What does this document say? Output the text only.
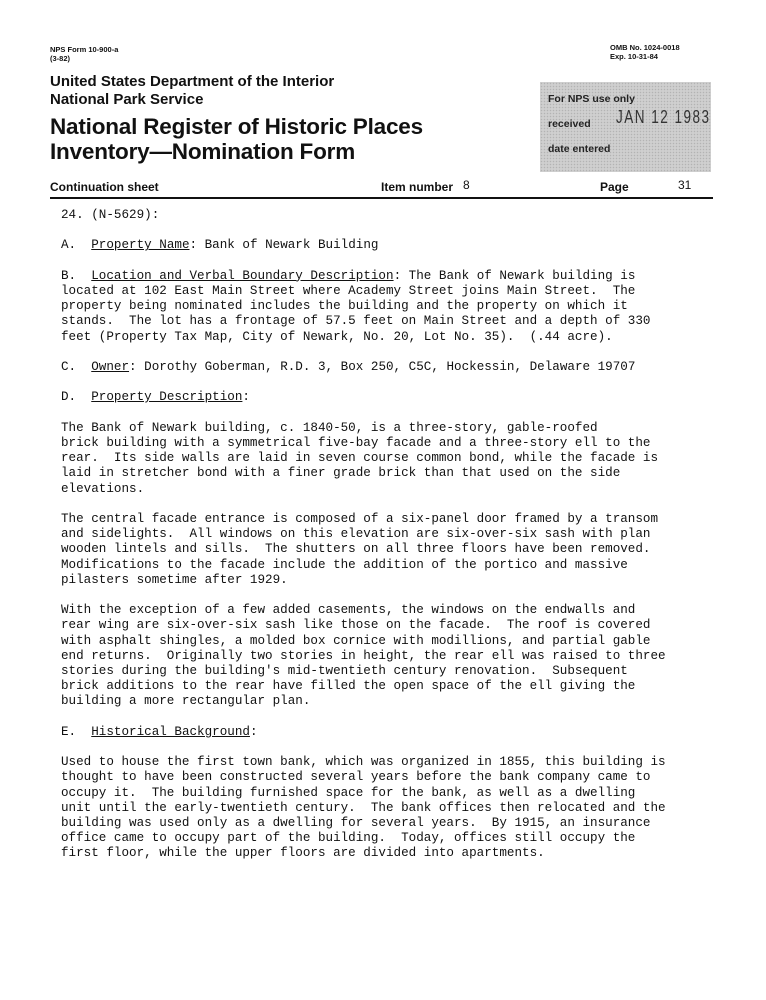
NPS Form 10-900-a
(3-82)
OMB No. 1024-0018
Exp. 10-31-84
United States Department of the Interior
National Park Service
National Register of Historic Places
Inventory—Nomination Form
For NPS use only
received JAN 12 1983
date entered
Continuation sheet	Item number 8	Page	31
24. (N-5629):
A. Property Name: Bank of Newark Building
B. Location and Verbal Boundary Description: The Bank of Newark building is
located at 102 East Main Street where Academy Street joins Main Street.  The
property being nominated includes the building and the property on which it
stands.  The lot has a frontage of 57.5 feet on Main Street and a depth of 330
feet (Property Tax Map, City of Newark, No. 20, Lot No. 35).  (.44 acre).
C. Owner: Dorothy Goberman, R.D. 3, Box 250, C5C, Hockessin, Delaware 19707
D. Property Description:
The Bank of Newark building, c. 1840-50, is a three-story, gable-roofed
brick building with a symmetrical five-bay facade and a three-story ell to the
rear.  Its side walls are laid in seven course common bond, while the facade is
laid in stretcher bond with a finer grade brick than that used on the side
elevations.
The central facade entrance is composed of a six-panel door framed by a transom
and sidelights.  All windows on this elevation are six-over-six sash with plan
wooden lintels and sills.  The shutters on all three floors have been removed.
Modifications to the facade include the addition of the portico and massive
pilasters sometime after 1929.
With the exception of a few added casements, the windows on the endwalls and
rear wing are six-over-six sash like those on the facade.  The roof is covered
with asphalt shingles, a molded box cornice with modillions, and partial gable
end returns.  Originally two stories in height, the rear ell was raised to three
stories during the building's mid-twentieth century renovation.  Subsequent
brick additions to the rear have filled the open space of the ell giving the
building a more rectangular plan.
E. Historical Background:
Used to house the first town bank, which was organized in 1855, this building is
thought to have been constructed several years before the bank company came to
occupy it.  The building furnished space for the bank, as well as a dwelling
unit until the early-twentieth century.  The bank offices then relocated and the
building was used only as a dwelling for several years.  By 1915, an insurance
office came to occupy part of the building.  Today, offices still occupy the
first floor, while the upper floors are divided into apartments.
